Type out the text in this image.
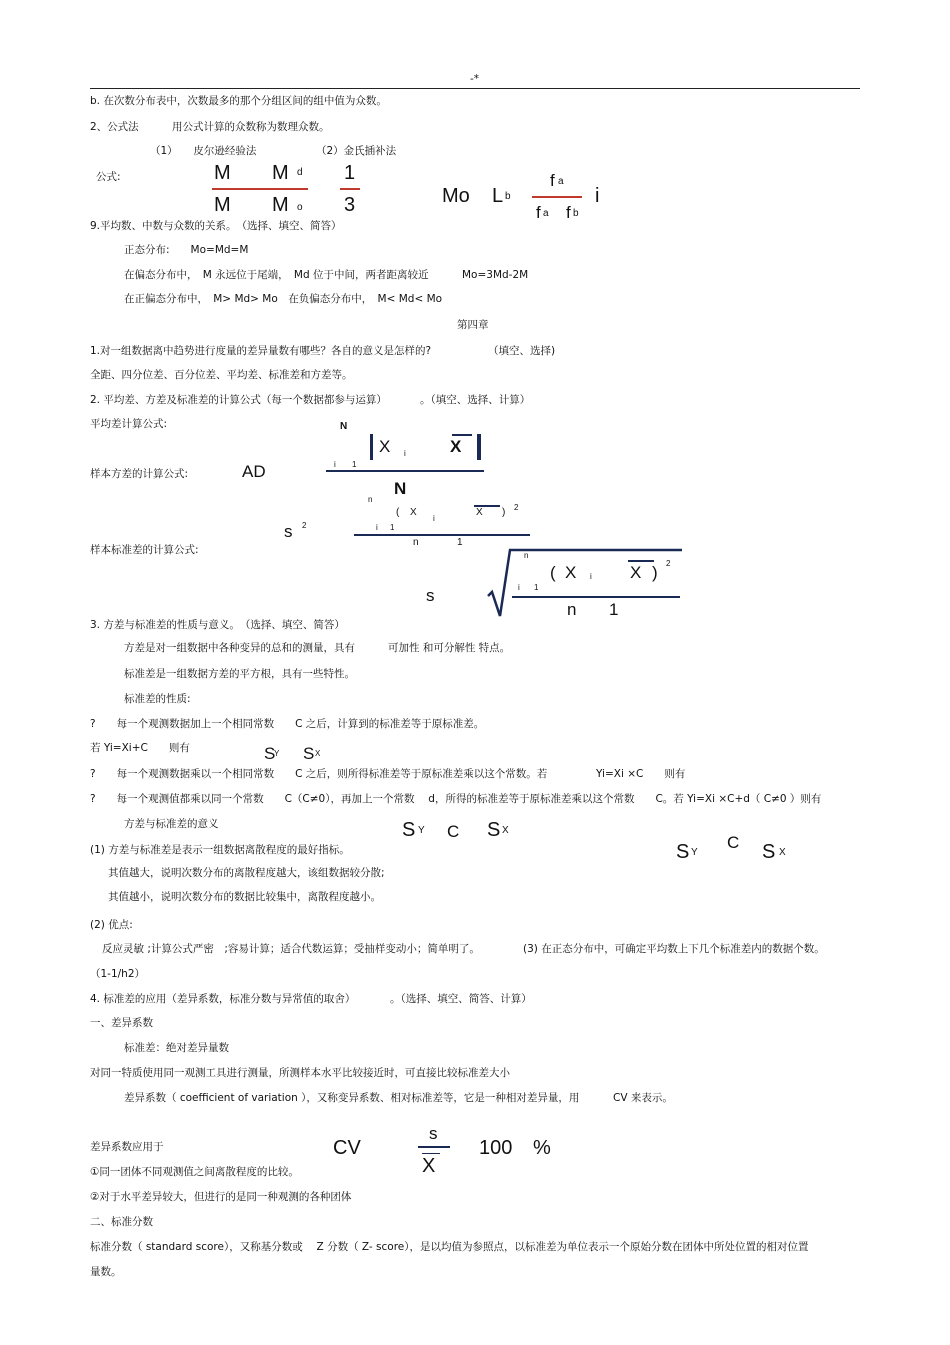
-*
b. 在次数分布表中，次数最多的那个分组区间的组中值为众数。
2、公式法	用公式计算的众数称为数理众数。
（1）　　皮尔逊经验法	（2）金氏插补法
公式:	M M d 1
M M o 3	Mo L b
f a
i
f a f b
9.平均数、中数与众数的关系。　（选择、填空、简答）
正态分布:　　Mo=Md=M
在偏态分布中，　M 永远位于尾端，　Md 位于中间，两者距离较近	Mo=3Md-2M
在正偏态分布中，　M> Md> Mo　在负偏态分布中，　M< Md< Mo
第四章
1.对一组数据离中趋势进行度量的差异量数有哪些？各自的意义是怎样的?	（填空、选择)
全距、四分位差、百分位差、平均差、标准差和方差等。
2. 平均差、方差及标准差的计算公式（每一个数据都参与运算）	。（填空、选择、计算）
平均差计算公式:	N
X i	X
i 1
AD
N
样本方差的计算公式:
n
( X
i
X ) 2
i 1
s 2
n	1
样本标准差的计算公式:
s
n
( X i X ) 2
i 1
n 1
3. 方差与标准差的性质与意义。　（选择、填空、简答）
方差是对一组数据中各种变异的总和的测量，具有	可加性 和可分解性 特点。
标准差是一组数据方差的平方根，具有一些特性。
标准差的性质:
?　　每一个观测数据加上一个相同常数　　C 之后，计算到的标准差等于原标准差。
若 Yi=Xi+C　　则有	S
Y S X
?　　每一个观测数据乘以一个相同常数　　C 之后，则所得标准差等于原标准差乘以这个常数。若	Yi=Xi ×C　　则有
?　　每一个观测值都乘以同一个常数　　C（C≠0），再加上一个常数　 d，所得的标准差等于原标准差乘以这个常数　　C。若 Yi=Xi ×C+d（ C≠0 ）则有
方差与标准差的意义	S Y C S X
S Y
C S X
(1) 方差与标准差是表示一组数据离散程度的最好指标。
其值越大，说明次数分布的离散程度越大，该组数据较分散;
其值越小，说明次数分布的数据比较集中，离散程度越小。
(2) 优点:
反应灵敏 ;计算公式严密　;容易计算；适合代数运算；受抽样变动小；简单明了。	(3) 在正态分布中，可确定平均数上下几个标准差内的数据个数。
（1-1/h2）
4. 标准差的应用（差异系数，标准分数与异常值的取舍）	。（选择、填空、简答、计算）
一、差异系数
标准差：绝对差异量数
对同一特质使用同一观测工具进行测量，所测样本水平比较接近时，可直接比较标准差大小
差异系数（ coefficient of variation ），又称变异系数、相对标准差等，它是一种相对差异量，用	CV 来表示。
差异系数应用于	CV
s
X
100 %
①同一团体不同观测值之间离散程度的比较。
②对于水平差异较大，但进行的是同一种观测的各种团体
二、标准分数
标准分数（ standard score），又称基分数或　 Z 分数（ Z- score），是以均值为参照点，以标准差为单位表示一个原始分数在团体中所处位置的相对位置
量数。
